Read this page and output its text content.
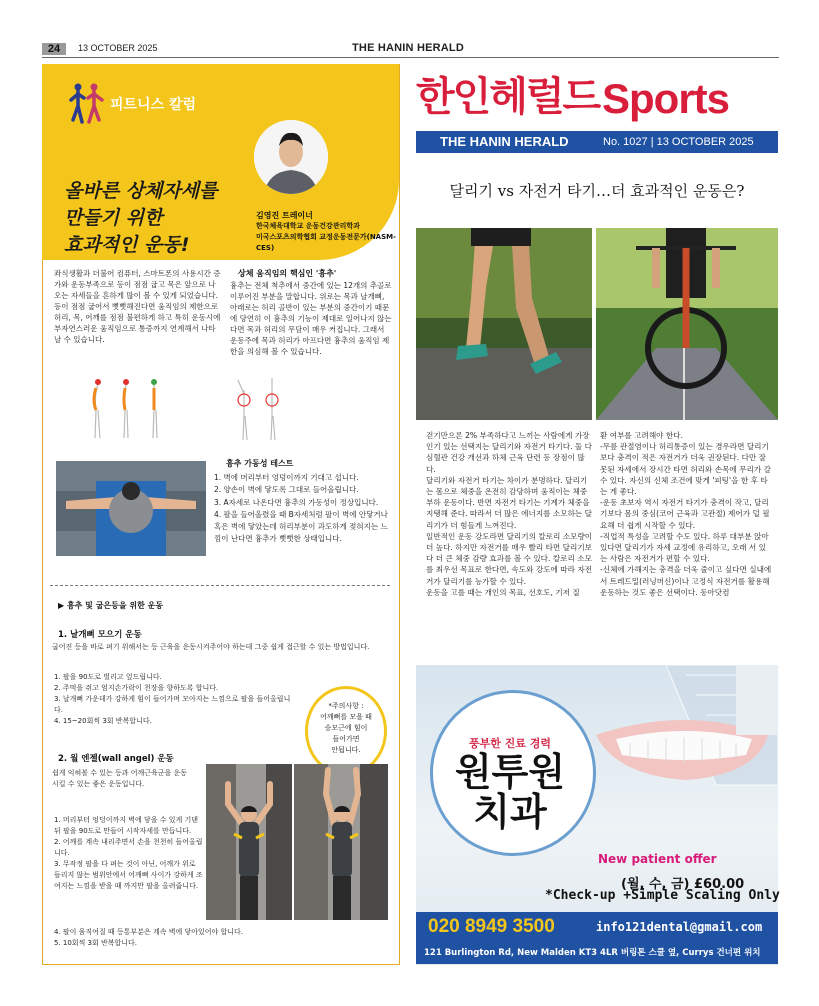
24	13 OCTOBER 2025	THE HANIN HERALD
피트니스 칼럼
김영진 트레이너
한국체육대학교 운동건강관리학과
미국스포츠의학협회 교정운동전문가(NASM-
CES)
올바른 상체자세를
만들기 위한
효과적인 운동!

좌식생활과 더불어 컴퓨터, 스마트폰의 사용시간 증가와 운동부족으로 등이 점점 굽고 목은 앞으로 나오는 자세들을 흔하게 많이 볼 수 있게 되었습니다. 등이 점점 굽어서 뻣뻣해진다면 움직임의 제한으로 허리, 목, 어깨를 점점 불편하게 하고 특히 운동시에 부자연스러운 움직임으로 통증까지 연계해서 나타날 수 있습니다.

상체 움직임의 핵심인 '흉추'

흉추는 전체 척추에서 중간에 있는 12개의 추골로 이루어진 부분을 말합니다. 위로는 목과 날개뼈, 아래로는 허리 골반이 있는 부분의 중간이기 때문에 당연히 이 흉추의 기능이 제대로 일어나지 않는다면 목과 허리의 무담이 매우 커집니다. 그래서 운동주에 목과 허리가 아프다면 흉추의 움직임 제한을 의심해 볼 수 있습니다.

흉추 가동성 테스트
1. 벽에 머리부터 엉덩이까지 기대고 섭니다.
2. 양손이 벽에 닿도록 그대로 들어올립니다.
3. A자세로 나온다면 흉추의 가동성이 정상입니다.
4. 팔을 들어올렸을 때 B자세처럼 팔이 벽에 안닿거나 혹은 벽에 닿았는데 허리부분이 과도하게 젖혀지는 느낌이 난다면 흉추가 뻣뻣한 상태입니다.
▶ 흉추 및 굽은등을 위한 운동
1. 날개뼈 모으기 운동

굽어진 등을 바로 펴기 위해서는 등 근육을 운동시켜주어야 하는데 그중 쉽게 접근할 수 있는 방법입니다.

1. 팔을 90도로 벌리고 엎드립니다.
2. 주먹을 쥐고 엄지손가락이 천장을 향하도록 합니다.
3. 날개뼈 가운데가 강하게 힘이 들어가며 모아지는 느낌으로 팔을 들어올립니다.
4. 15~20회씩 3회 반복합니다.
*주의사항 :
어깨뼈를 모을 때
승모근에 힘이
들어가면
안됩니다.
2. 월 엔젤(wall angel) 운동

쉽게 익혀볼 수 있는 등과 어깨근육군을 운동시킬 수 있는 좋은 운동입니다.

1. 머리부터 엉덩이까지 벽에 닿을 수 있게 기댄뒤 팔을 90도로 만들어 시작자세를 만듭니다.
2. 어깨를 계속 내리주면서 손을 천천히 들어올립니다.
3. 무작정 팔을 다 펴는 것이 아닌, 어깨가 위로 들리지 않는 범위안에서 어깨뼈 사이가 강하게 조여지는 느낌을 받을 때 까지만 팔을 올려줍니다.
4. 팔이 움직여질 때 등통부분은 계속 벽에 닿아있어야 합니다.
5. 10회씩 3회 반복합니다.
한인헤럴드 Sports
THE HANIN HERALD	No. 1027 | 13 OCTOBER 2025
달리기 vs 자전거 타기…더 효과적인 운동은?

걷기만으론 2% 부족하다고 느끼는 사람에게 가장 인기 있는 선택지는 달리기와 자전거 타기다. 둘 다 심혈관 건강 개선과 하체 근육 단련 등 장점이 많다.

달리기와 자전거 타기는 차이가 분명하다. 달리기는 몸으로 체중을 온전히 감당하며 움직이는 체중 부하 운동이다. 반면 자전거 타기는 기계가 체중을 지탱해 준다. 따라서 더 많은 에너지를 소모하는 달리기가 더 힘들게 느껴진다.

일반적인 운동 강도라면 달리기의 칼로리 소모량이 더 높다. 하지만 자전거를 매우 빨리 타면 달리기보다 더 큰 체중 감량 효과를 볼 수 있다. 칼로리 소모를 최우선 목표로 한다면, 속도와 강도에 따라 자전거가 달리기를 능가할 수 있다.

운동을 고를 때는 개인의 목표, 선호도, 기저 질

환 여부를 고려해야 한다.

-무릎 관절염이나 허리통증이 있는 경우라면 달리기보다 충격이 적은 자전거가 더욱 권장된다. 다만 잘못된 자세에서 장시간 타면 허리와 손목에 무리가 갈 수 있다. 자신의 신체 조건에 맞게 '피팅'을 한 후 타는 게 좋다.

-운동 초보자 역시 자전거 타기가 충격이 작고, 달리기보다 몸의 중심(코어 근육과 고관절) 제어가 덜 필요해 더 쉽게 시작할 수 있다.

-직업적 특성을 고려할 수도 있다. 하루 대부분 앉아 있다면 달리기가 자세 교정에 유리하고, 오래 서 있는 사람은 자전거가 편할 수 있다.

-신체에 가해지는 충격을 더욱 줄이고 싶다면 실내에서 트레드밀(러닝머신)이나 고정식 자전거를 활용해 운동하는 것도 좋은 선택이다. 동아닷컴

풍부한 진료 경력
원투원
치과
New patient offer
(월, 수, 금) £60.00
*Check-up +Simple Scaling Only
020 8949 3500	info121dental@gmail.com
121 Burlington Rd, New Malden KT3 4LR 버링톤 스쿨 옆, Currys 건너편 위치
